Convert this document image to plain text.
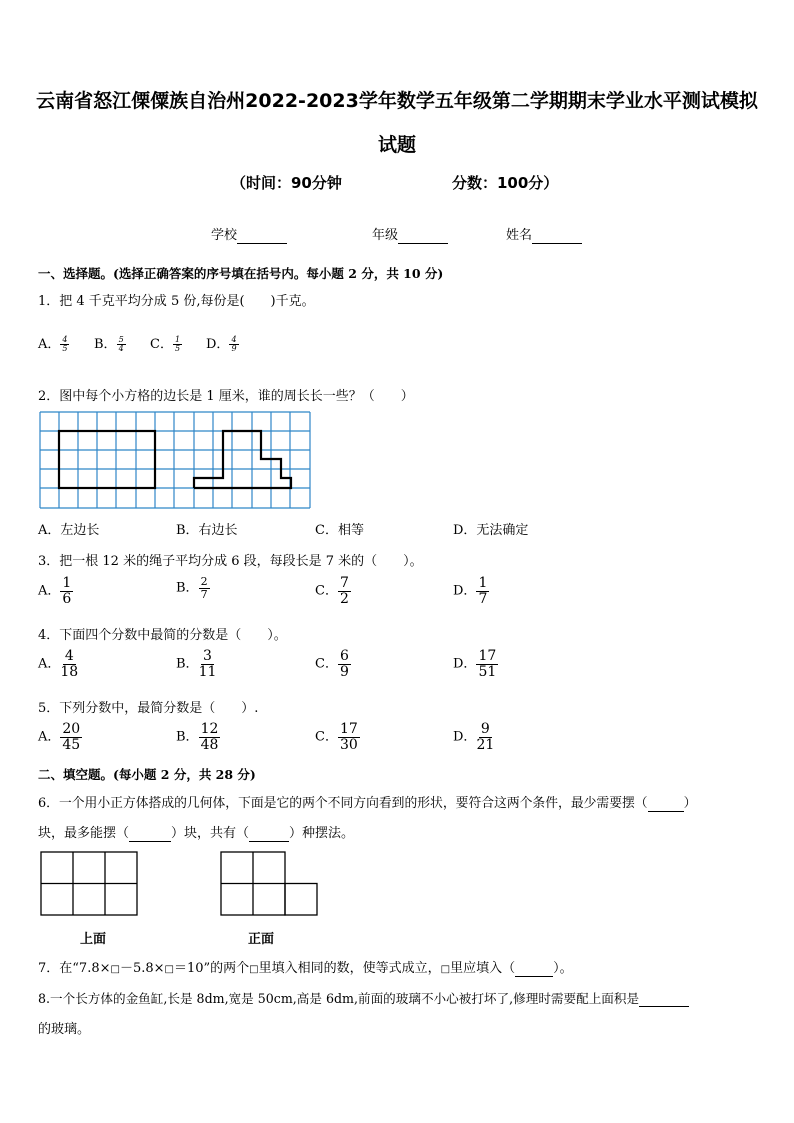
云南省怒江傈僳族自治州2022-2023学年数学五年级第二学期期末学业水平测试模拟
试题
（时间：90分钟	分数：100分）
学校	年级	姓名
一、选择题。(选择正确答案的序号填在括号内。每小题 2 分，共 10 分)
1．把 4 千克平均分成 5 份,每份是(　　)千克。
A． $\frac{4}{5}$ B． $\frac{5}{4}$ C． $\frac{1}{5}$ D． $\frac{4}{9}$
2．图中每个小方格的边长是 1 厘米，谁的周长长一些？（　　）
A．左边长	B．右边长	C．相等	D．无法确定
3．把一根 12 米的绳子平均分成 6 段，每段长是 7 米的（　　）。
A． $\frac{1}{6}$	B． $\frac{2}{7}$	C． $\frac{7}{2}$	D． $\frac{1}{7}$
4．下面四个分数中最简的分数是（　　）。
A． $\frac{4}{18}$	B． $\frac{3}{11}$	C． $\frac{6}{9}$	D． $\frac{17}{51}$
5．下列分数中，最简分数是（　　）.
A． $\frac{20}{45}$	B． $\frac{12}{48}$	C． $\frac{17}{30}$	D． $\frac{9}{21}$
二、填空题。(每小题 2 分，共 28 分)
6．一个用小正方体搭成的几何体，下面是它的两个不同方向看到的形状，要符合这两个条件，最少需要摆（	）
块，最多能摆（	）块，共有（	）种摆法。
上面	正面
7．在“7.8×□－5.8×□＝10”的两个□里填入相同的数，使等式成立，□里应填入（	）。
8.一个长方体的金鱼缸,长是 8dm,宽是 50cm,高是 6dm,前面的玻璃不小心被打坏了,修理时需要配上面积是
的玻璃。
